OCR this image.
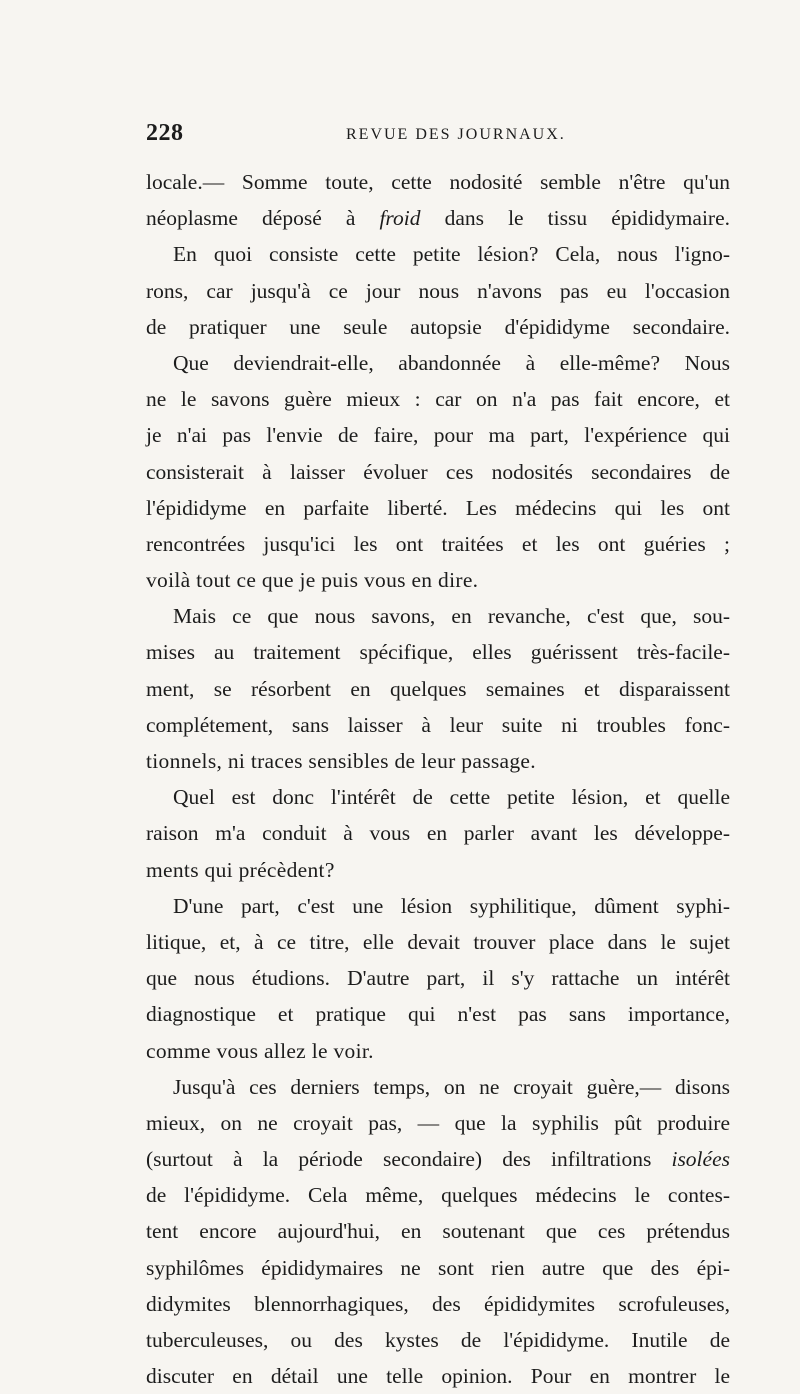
228	REVUE DES JOURNAUX.
locale.— Somme toute, cette nodosité semble n'être qu'un
néoplasme déposé à froid dans le tissu épididymaire.
En quoi consiste cette petite lésion? Cela, nous l'igno-
rons, car jusqu'à ce jour nous n'avons pas eu l'occasion
de pratiquer une seule autopsie d'épididyme secondaire.
Que deviendrait-elle, abandonnée à elle-même? Nous
ne le savons guère mieux : car on n'a pas fait encore, et
je n'ai pas l'envie de faire, pour ma part, l'expérience qui
consisterait à laisser évoluer ces nodosités secondaires de
l'épididyme en parfaite liberté. Les médecins qui les ont
rencontrées jusqu'ici les ont traitées et les ont guéries ;
voilà tout ce que je puis vous en dire.
Mais ce que nous savons, en revanche, c'est que, sou-
mises au traitement spécifique, elles guérissent très-facile-
ment, se résorbent en quelques semaines et disparaissent
complétement, sans laisser à leur suite ni troubles fonc-
tionnels, ni traces sensibles de leur passage.
Quel est donc l'intérêt de cette petite lésion, et quelle
raison m'a conduit à vous en parler avant les développe-
ments qui précèdent?
D'une part, c'est une lésion syphilitique, dûment syphi-
litique, et, à ce titre, elle devait trouver place dans le sujet
que nous étudions. D'autre part, il s'y rattache un intérêt
diagnostique et pratique qui n'est pas sans importance,
comme vous allez le voir.
Jusqu'à ces derniers temps, on ne croyait guère,— disons
mieux, on ne croyait pas, — que la syphilis pût produire
(surtout à la période secondaire) des infiltrations isolées
de l'épididyme. Cela même, quelques médecins le contes-
tent encore aujourd'hui, en soutenant que ces prétendus
syphilômes épididymaires ne sont rien autre que des épi-
didymites blennorrhagiques, des épididymites scrofuleuses,
tuberculeuses, ou des kystes de l'épididyme. Inutile de
discuter en détail une telle opinion. Pour en montrer le
